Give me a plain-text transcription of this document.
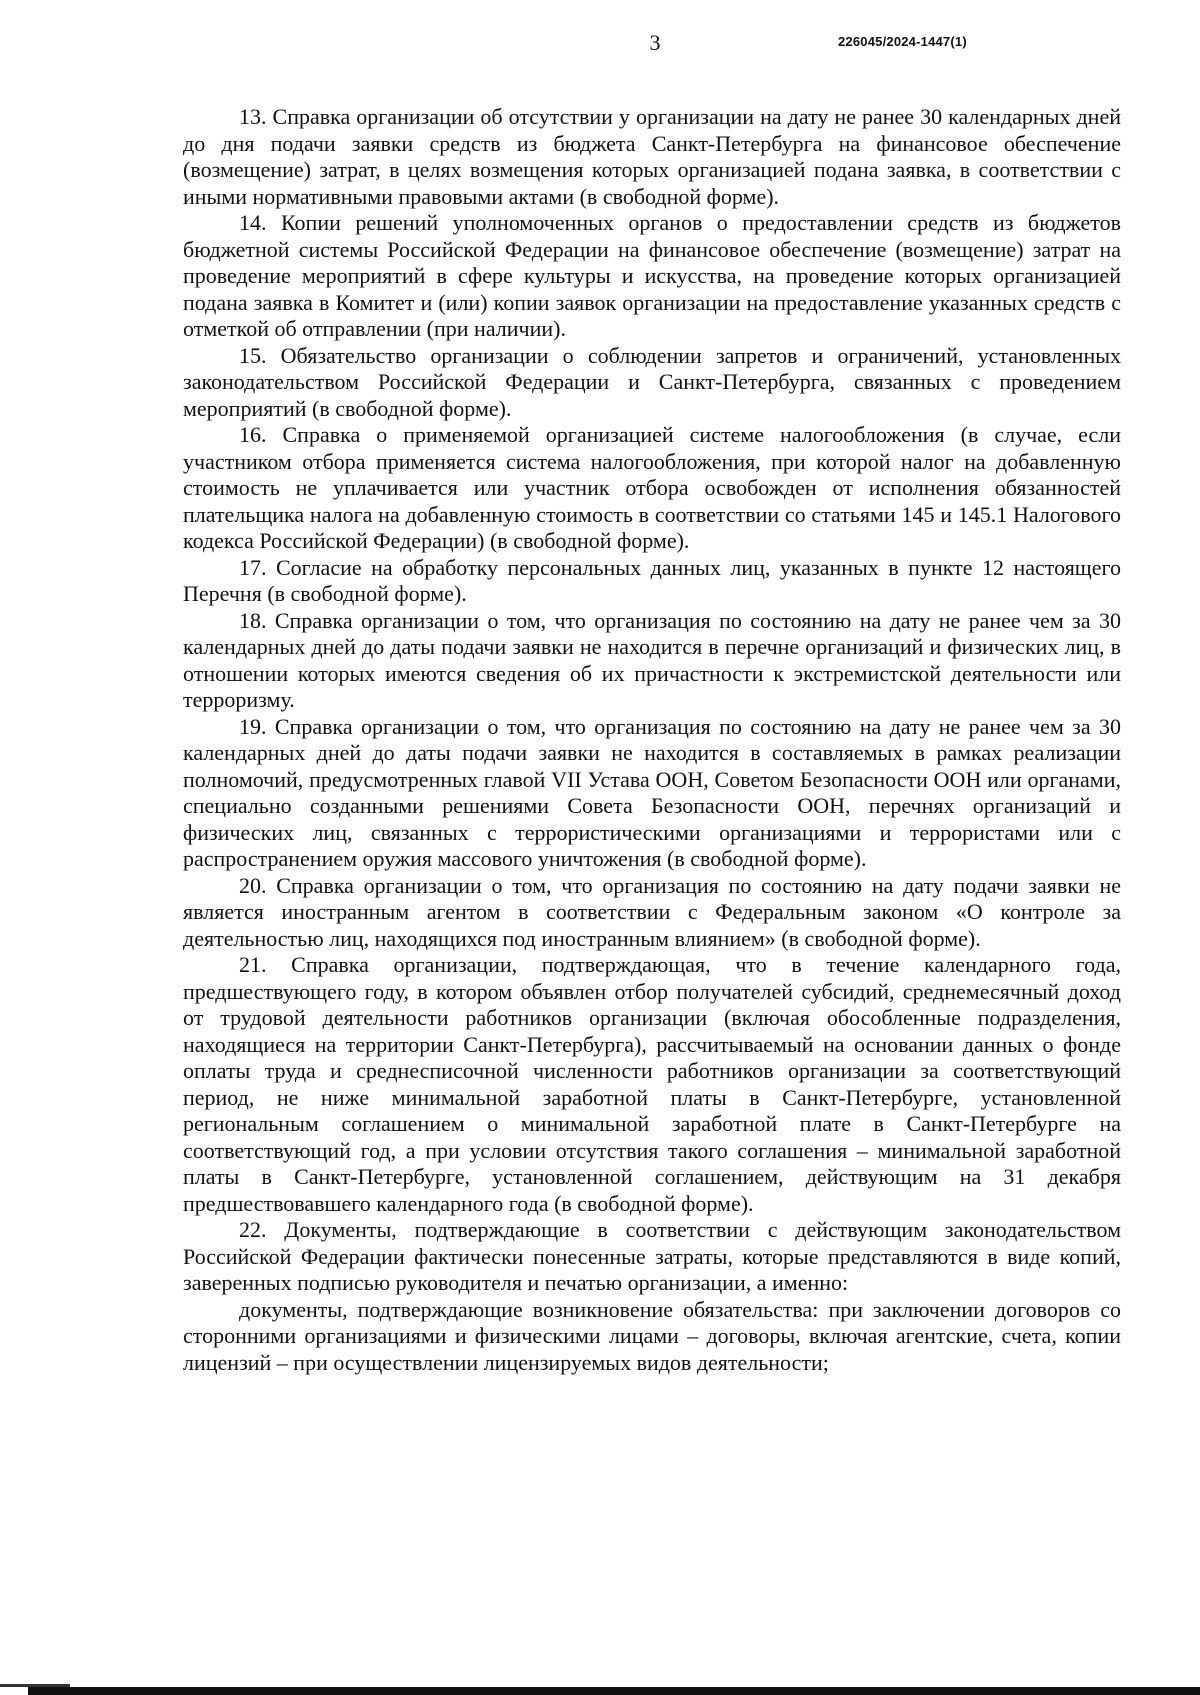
3	226045/2024-1447(1)

13. Справка организации об отсутствии у организации на дату не ранее 30 календарных дней до дня подачи заявки средств из бюджета Санкт-Петербурга на финансовое обеспечение (возмещение) затрат, в целях возмещения которых организацией подана заявка, в соответствии с иными нормативными правовыми актами (в свободной форме).

14. Копии решений уполномоченных органов о предоставлении средств из бюджетов бюджетной системы Российской Федерации на финансовое обеспечение (возмещение) затрат на проведение мероприятий в сфере культуры и искусства, на проведение которых организацией подана заявка в Комитет и (или) копии заявок организации на предоставление указанных средств с отметкой об отправлении (при наличии).

15. Обязательство организации о соблюдении запретов и ограничений, установленных законодательством Российской Федерации и Санкт-Петербурга, связанных с проведением мероприятий (в свободной форме).

16. Справка о применяемой организацией системе налогообложения (в случае, если участником отбора применяется система налогообложения, при которой налог на добавленную стоимость не уплачивается или участник отбора освобожден от исполнения обязанностей плательщика налога на добавленную стоимость в соответствии со статьями 145 и 145.1 Налогового кодекса Российской Федерации) (в свободной форме).

17. Согласие на обработку персональных данных лиц, указанных в пункте 12 настоящего Перечня (в свободной форме).

18. Справка организации о том, что организация по состоянию на дату не ранее чем за 30 календарных дней до даты подачи заявки не находится в перечне организаций и физических лиц, в отношении которых имеются сведения об их причастности к экстремистской деятельности или терроризму.

19. Справка организации о том, что организация по состоянию на дату не ранее чем за 30 календарных дней до даты подачи заявки не находится в составляемых в рамках реализации полномочий, предусмотренных главой VII Устава ООН, Советом Безопасности ООН или органами, специально созданными решениями Совета Безопасности ООН, перечнях организаций и физических лиц, связанных с террористическими организациями и террористами или с распространением оружия массового уничтожения (в свободной форме).

20. Справка организации о том, что организация по состоянию на дату подачи заявки не является иностранным агентом в соответствии с Федеральным законом «О контроле за деятельностью лиц, находящихся под иностранным влиянием» (в свободной форме).

21. Справка организации, подтверждающая, что в течение календарного года, предшествующего году, в котором объявлен отбор получателей субсидий, среднемесячный доход от трудовой деятельности работников организации (включая обособленные подразделения, находящиеся на территории Санкт-Петербурга), рассчитываемый на основании данных о фонде оплаты труда и среднесписочной численности работников организации за соответствующий период, не ниже минимальной заработной платы в Санкт-Петербурге, установленной региональным соглашением о минимальной заработной плате в Санкт-Петербурге на соответствующий год, а при условии отсутствия такого соглашения – минимальной заработной платы в Санкт-Петербурге, установленной соглашением, действующим на 31 декабря предшествовавшего календарного года (в свободной форме).

22. Документы, подтверждающие в соответствии с действующим законодательством Российской Федерации фактически понесенные затраты, которые представляются в виде копий, заверенных подписью руководителя и печатью организации, а именно:

документы, подтверждающие возникновение обязательства: при заключении договоров со сторонними организациями и физическими лицами – договоры, включая агентские, счета, копии лицензий – при осуществлении лицензируемых видов деятельности;
